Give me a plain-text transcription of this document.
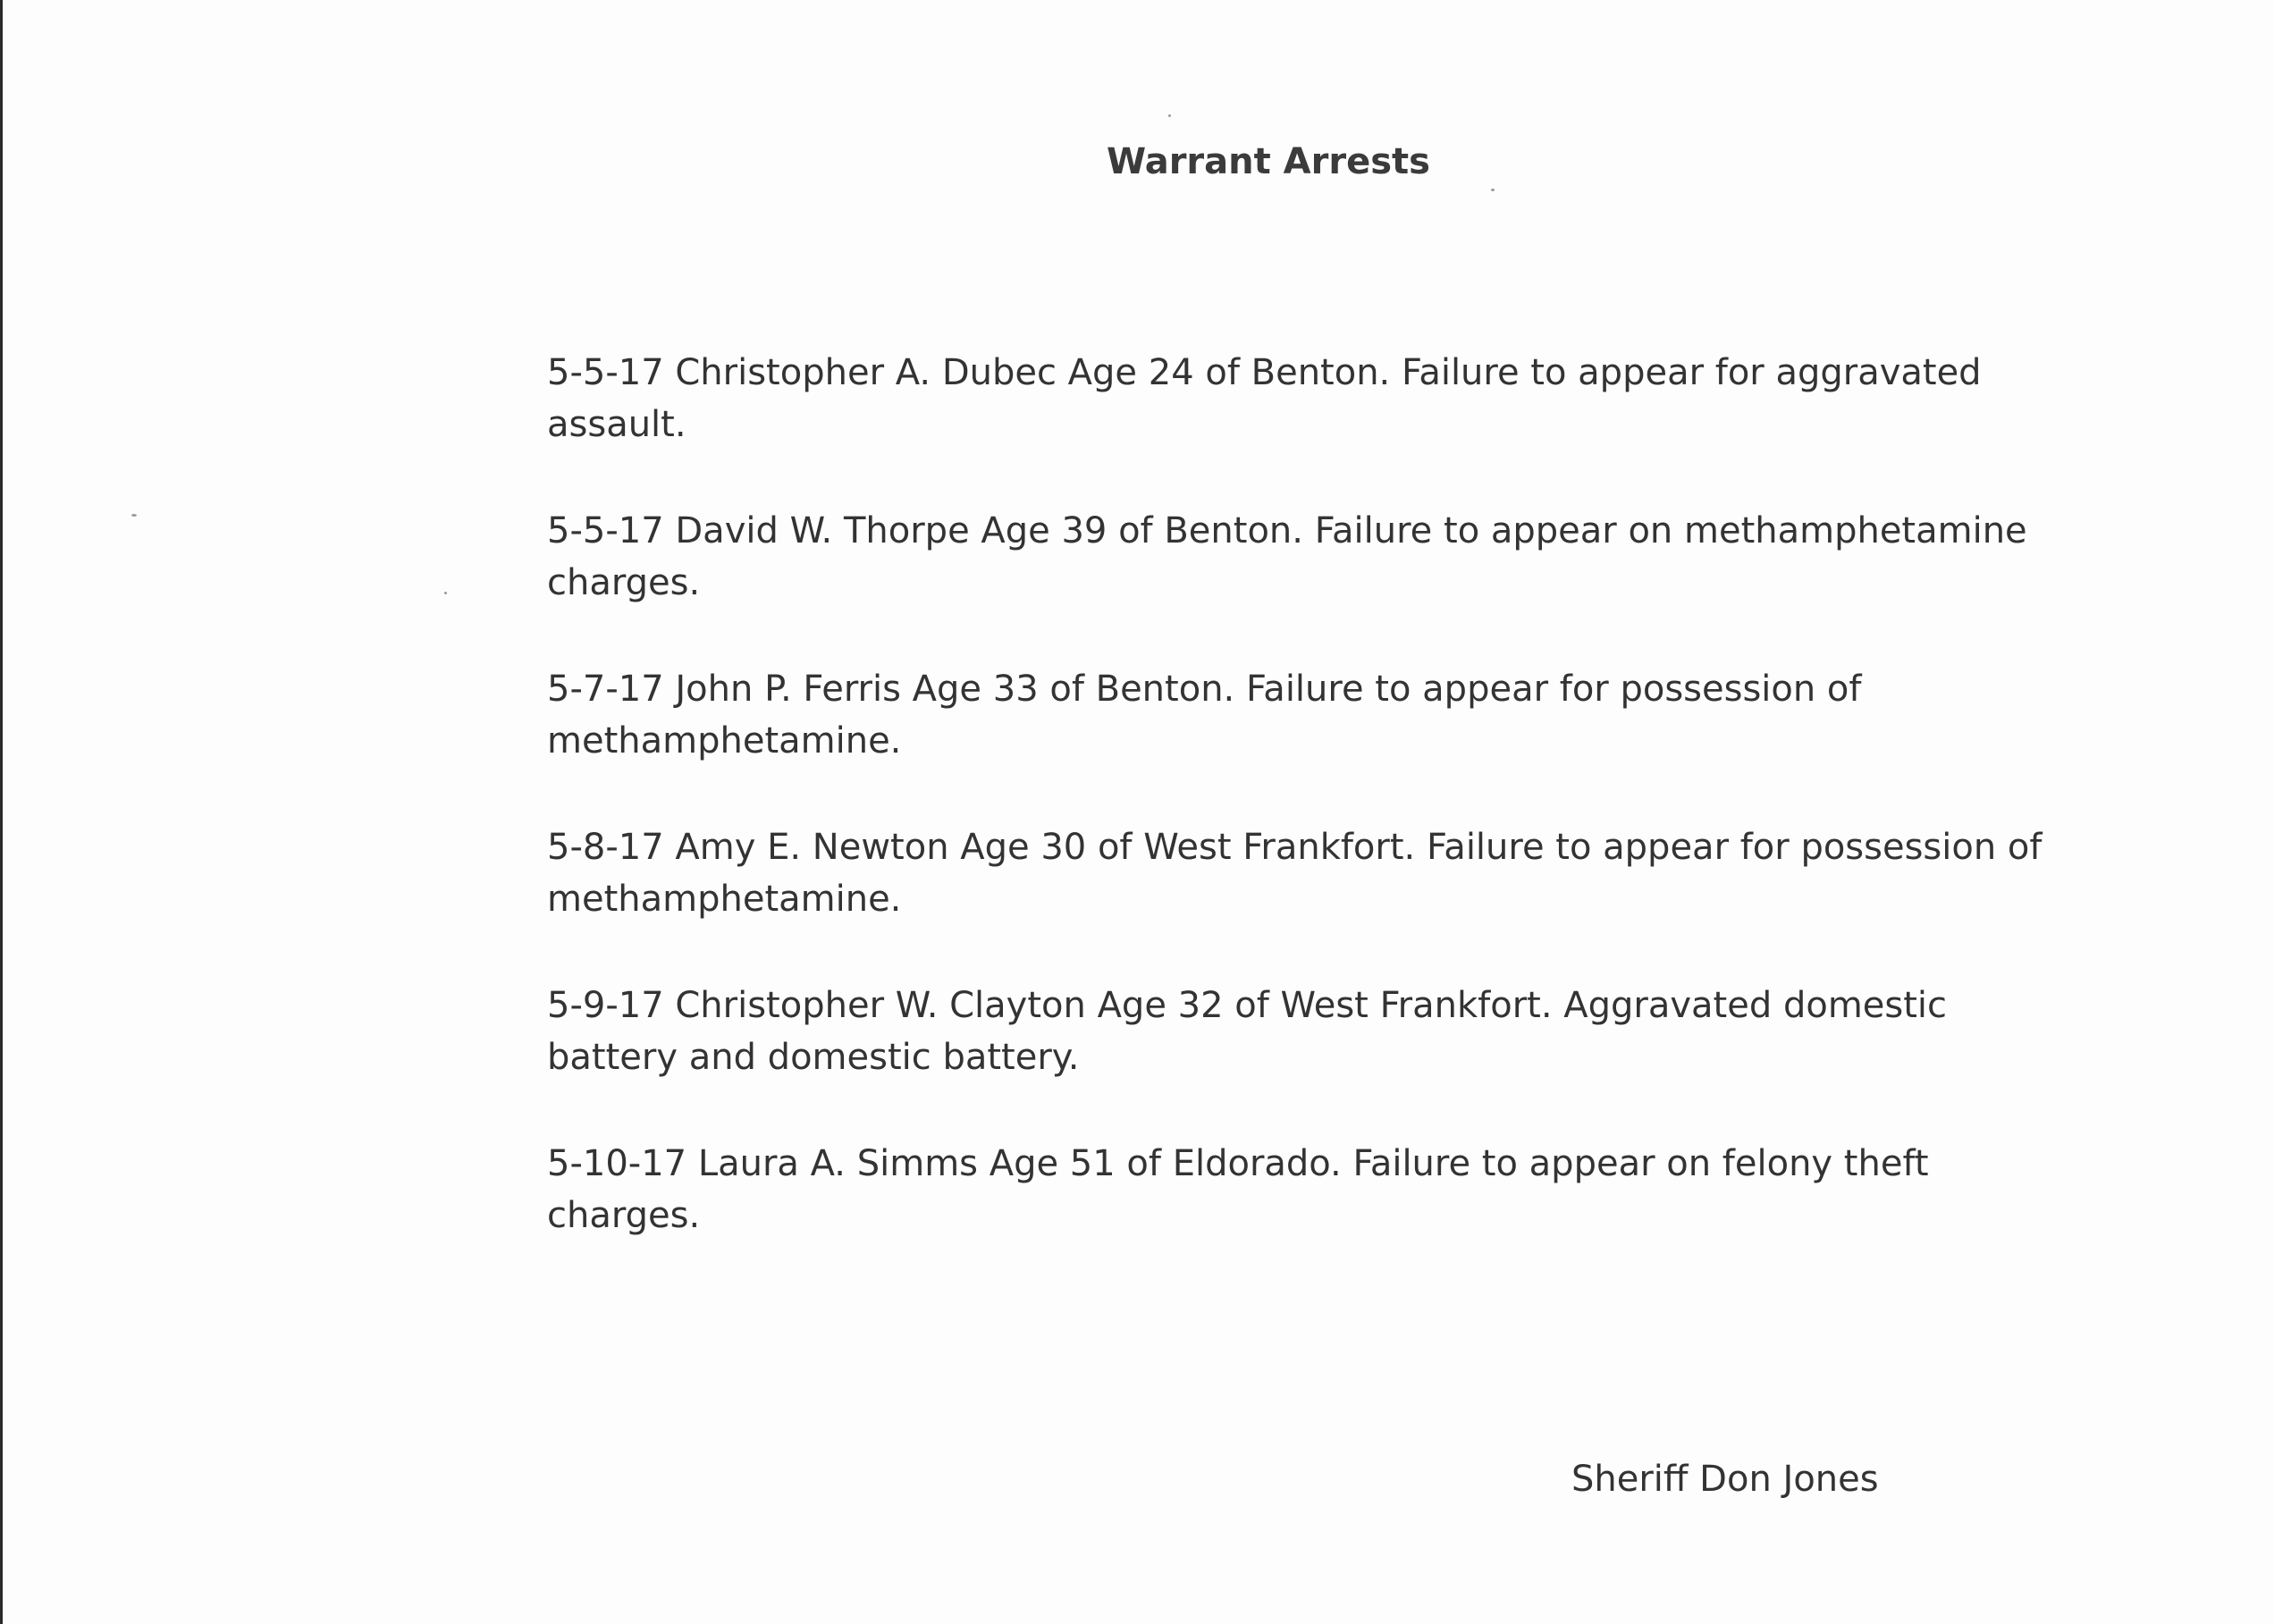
Warrant Arrests
5-5-17 Christopher A. Dubec Age 24 of Benton. Failure to appear for aggravated assault.
5-5-17 David W. Thorpe Age 39 of Benton. Failure to appear on methamphetamine charges.
5-7-17 John P. Ferris Age 33 of Benton. Failure to appear for possession of methamphetamine.
5-8-17 Amy E. Newton Age 30 of West Frankfort. Failure to appear for possession of methamphetamine.
5-9-17 Christopher W. Clayton Age 32 of West Frankfort. Aggravated domestic battery and domestic battery.
5-10-17 Laura A. Simms Age 51 of Eldorado. Failure to appear on felony theft charges.
Sheriff Don Jones
